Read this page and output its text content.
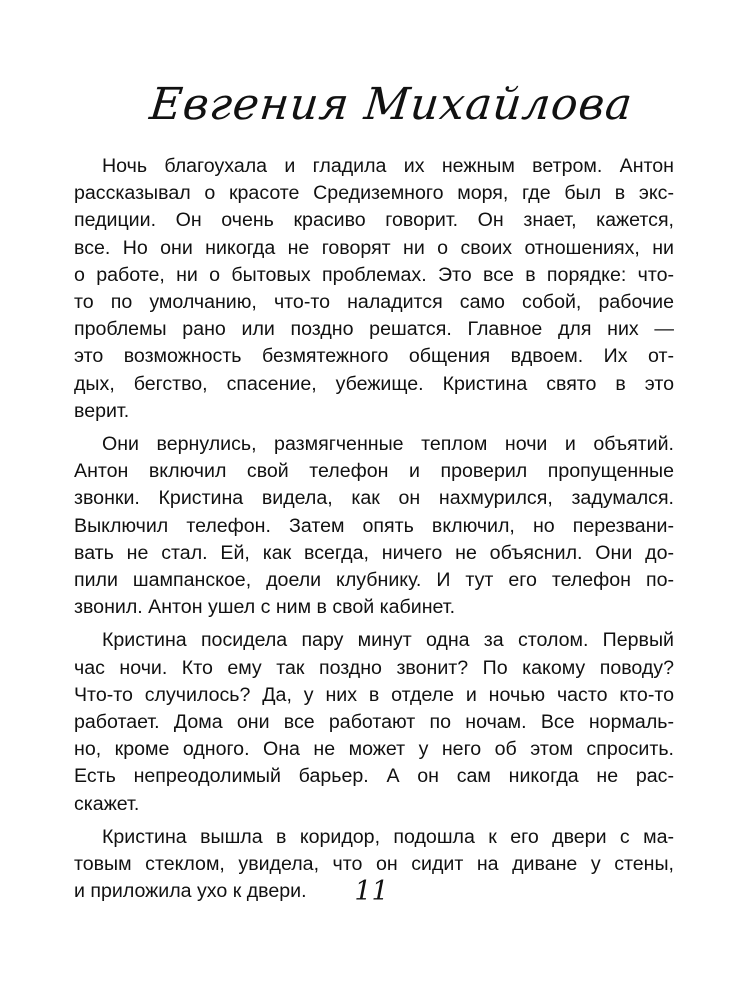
Евгения Михайлова

Ночь благоухала и гладила их нежным ветром. Антон
рассказывал о красоте Средиземного моря, где был в экс-
педиции. Он очень красиво говорит. Он знает, кажется,
все. Но они никогда не говорят ни о своих отношениях, ни
о работе, ни о бытовых проблемах. Это все в порядке: что-
то по умолчанию, что-то наладится само собой, рабочие
проблемы рано или поздно решатся. Главное для них —
это возможность безмятежного общения вдвоем. Их от-
дых, бегство, спасение, убежище. Кристина свято в это
верит.

Они вернулись, размягченные теплом ночи и объятий.
Антон включил свой телефон и проверил пропущенные
звонки. Кристина видела, как он нахмурился, задумался.
Выключил телефон. Затем опять включил, но перезвани-
вать не стал. Ей, как всегда, ничего не объяснил. Они до-
пили шампанское, доели клубнику. И тут его телефон по-
звонил. Антон ушел с ним в свой кабинет.

Кристина посидела пару минут одна за столом. Первый
час ночи. Кто ему так поздно звонит? По какому поводу?
Что-то случилось? Да, у них в отделе и ночью часто кто-то
работает. Дома они все работают по ночам. Все нормаль-
но, кроме одного. Она не может у него об этом спросить.
Есть непреодолимый барьер. А он сам никогда не рас-
скажет.

Кристина вышла в коридор, подошла к его двери с ма-
товым стеклом, увидела, что он сидит на диване у стены,
и приложила ухо к двери.	11
